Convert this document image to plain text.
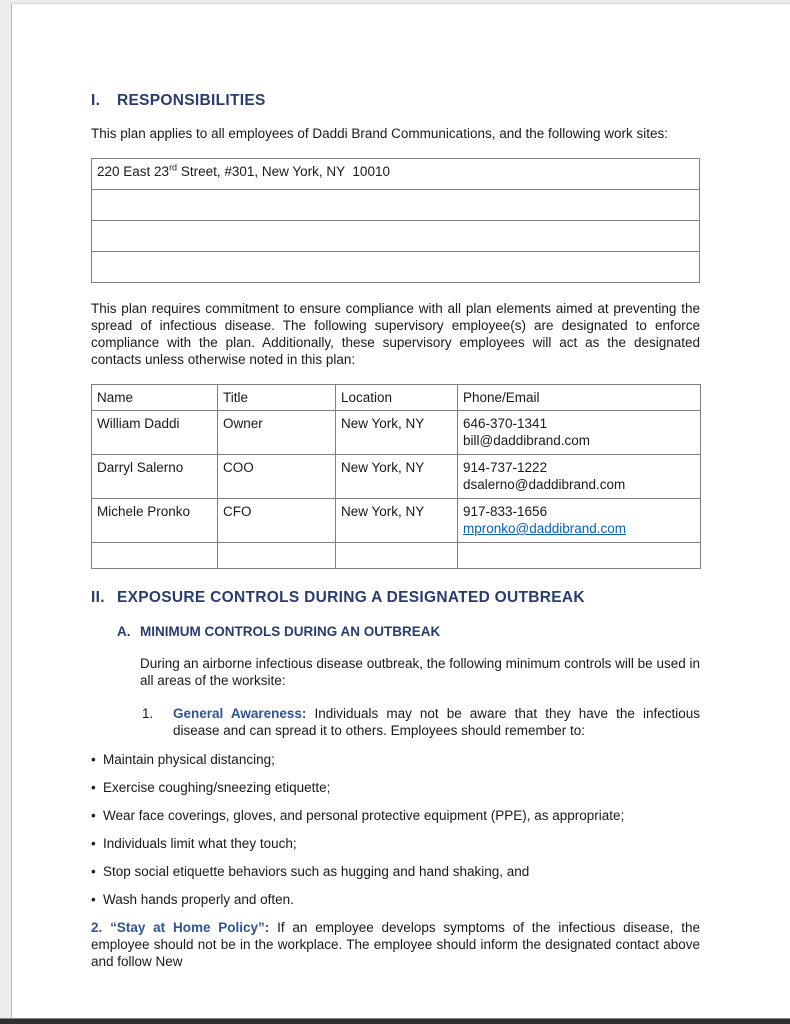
I. RESPONSIBILITIES

This plan applies to all employees of Daddi Brand Communications, and the following work sites:

220 East 23rd Street, #301, New York, NY  10010

This plan requires commitment to ensure compliance with all plan elements aimed at preventing the spread of infectious disease. The following supervisory employee(s) are designated to enforce compliance with the plan. Additionally, these supervisory employees will act as the designated contacts unless otherwise noted in this plan:

Name	Title	Location	Phone/Email
William Daddi	Owner	New York, NY	646-370-1341
bill@daddibrand.com

Darryl Salerno	COO	New York, NY	914-737-1222
dsalerno@daddibrand.com

Michele Pronko	CFO	New York, NY	917-833-1656
mpronko@daddibrand.com

II. EXPOSURE CONTROLS DURING A DESIGNATED OUTBREAK
A. MINIMUM CONTROLS DURING AN OUTBREAK

During an airborne infectious disease outbreak, the following minimum controls will be used in all areas of the worksite:

1. General Awareness: Individuals may not be aware that they have the infectious disease and can spread it to others. Employees should remember to:
• Maintain physical distancing;
• Exercise coughing/sneezing etiquette;
• Wear face coverings, gloves, and personal protective equipment (PPE), as appropriate;
• Individuals limit what they touch;
• Stop social etiquette behaviors such as hugging and hand shaking, and
• Wash hands properly and often.

2. “Stay at Home Policy”: If an employee develops symptoms of the infectious disease, the employee should not be in the workplace. The employee should inform the designated contact above and follow New
